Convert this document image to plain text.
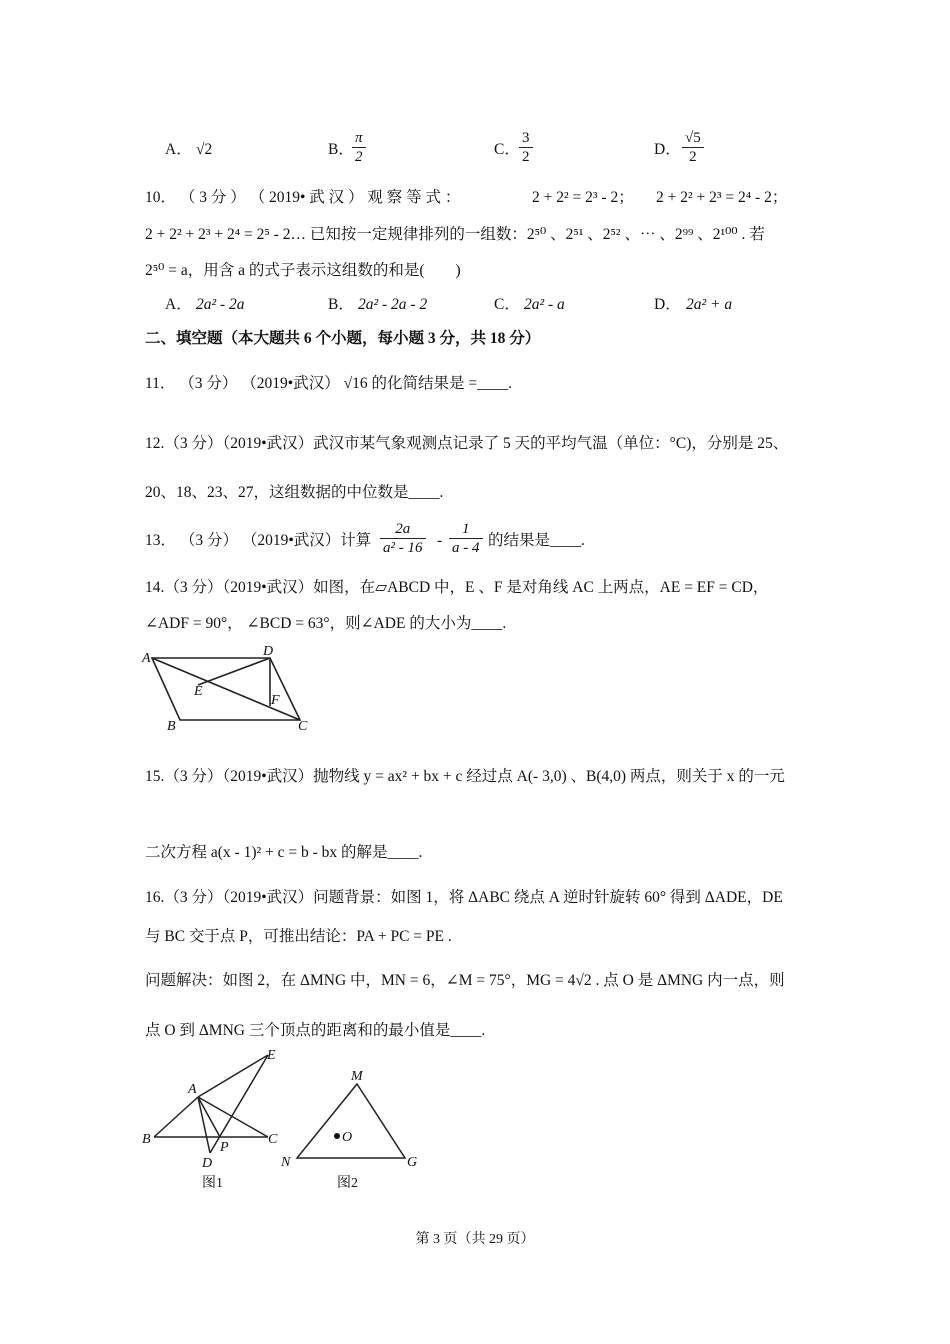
A． √2	B．
$\frac{\pi}{2}$	C． $\frac{3}{2}$	D． $\frac{√5}{2}$
10． （ 3 分 ） （ 2019• 武 汉 ） 观 察 等 式 ：	2 + 2² = 2³ - 2； 2 + 2² + 2³ = 2⁴ - 2；
2 + 2² + 2³ + 2⁴ = 2⁵ - 2… 已知按一定规律排列的一组数：2⁵⁰ 、2⁵¹ 、2⁵² 、⋯ 、2⁹⁹ 、2¹⁰⁰ . 若
2⁵⁰ = a，用含 a 的式子表示这组数的和是(　　)
A． 2a² - 2a	B． 2a² - 2a - 2	C． 2a² - a	D． 2a² + a
二、填空题（本大题共 6 个小题，每小题 3 分，共 18 分）
11． （3 分） （2019•武汉） √16 的化简结果是 =____.
12.（3 分）（2019•武汉）武汉市某气象观测点记录了 5 天的平均气温（单位：°C)，分别是 25、
20、18、23、27，这组数据的中位数是____.
13． （3 分） （2019•武汉）计算 $\frac{2a}{\text{a² - 16}} - \frac{1}{a - 4}$ 的结果是____.
14.（3 分）（2019•武汉）如图，在▱ABCD 中，E 、F 是对角线 AC 上两点，AE = EF = CD，
∠ADF = 90°， ∠BCD = 63°，则∠ADE 的大小为____.
A	D
E
F
B	C
15.（3 分）（2019•武汉）抛物线 y = ax² + bx + c 经过点 A(- 3,0) 、B(4,0) 两点，则关于 x 的一元
二次方程 a(x - 1)² + c = b - bx 的解是____.
16.（3 分）（2019•武汉）问题背景：如图 1，将 ΔABC 绕点 A 逆时针旋转 60° 得到 ΔADE，DE
与 BC 交于点 P，可推出结论：PA + PC = PE .
问题解决：如图 2，在 ΔMNG 中，MN = 6，∠M = 75°，MG = 4√2 . 点 O 是 ΔMNG 内一点，则
点 O 到 ΔMNG 三个顶点的距离和的最小值是____.
A
B	C
D
E
P
图1
M
N	G
O
图2
第 3 页（共 29 页）
